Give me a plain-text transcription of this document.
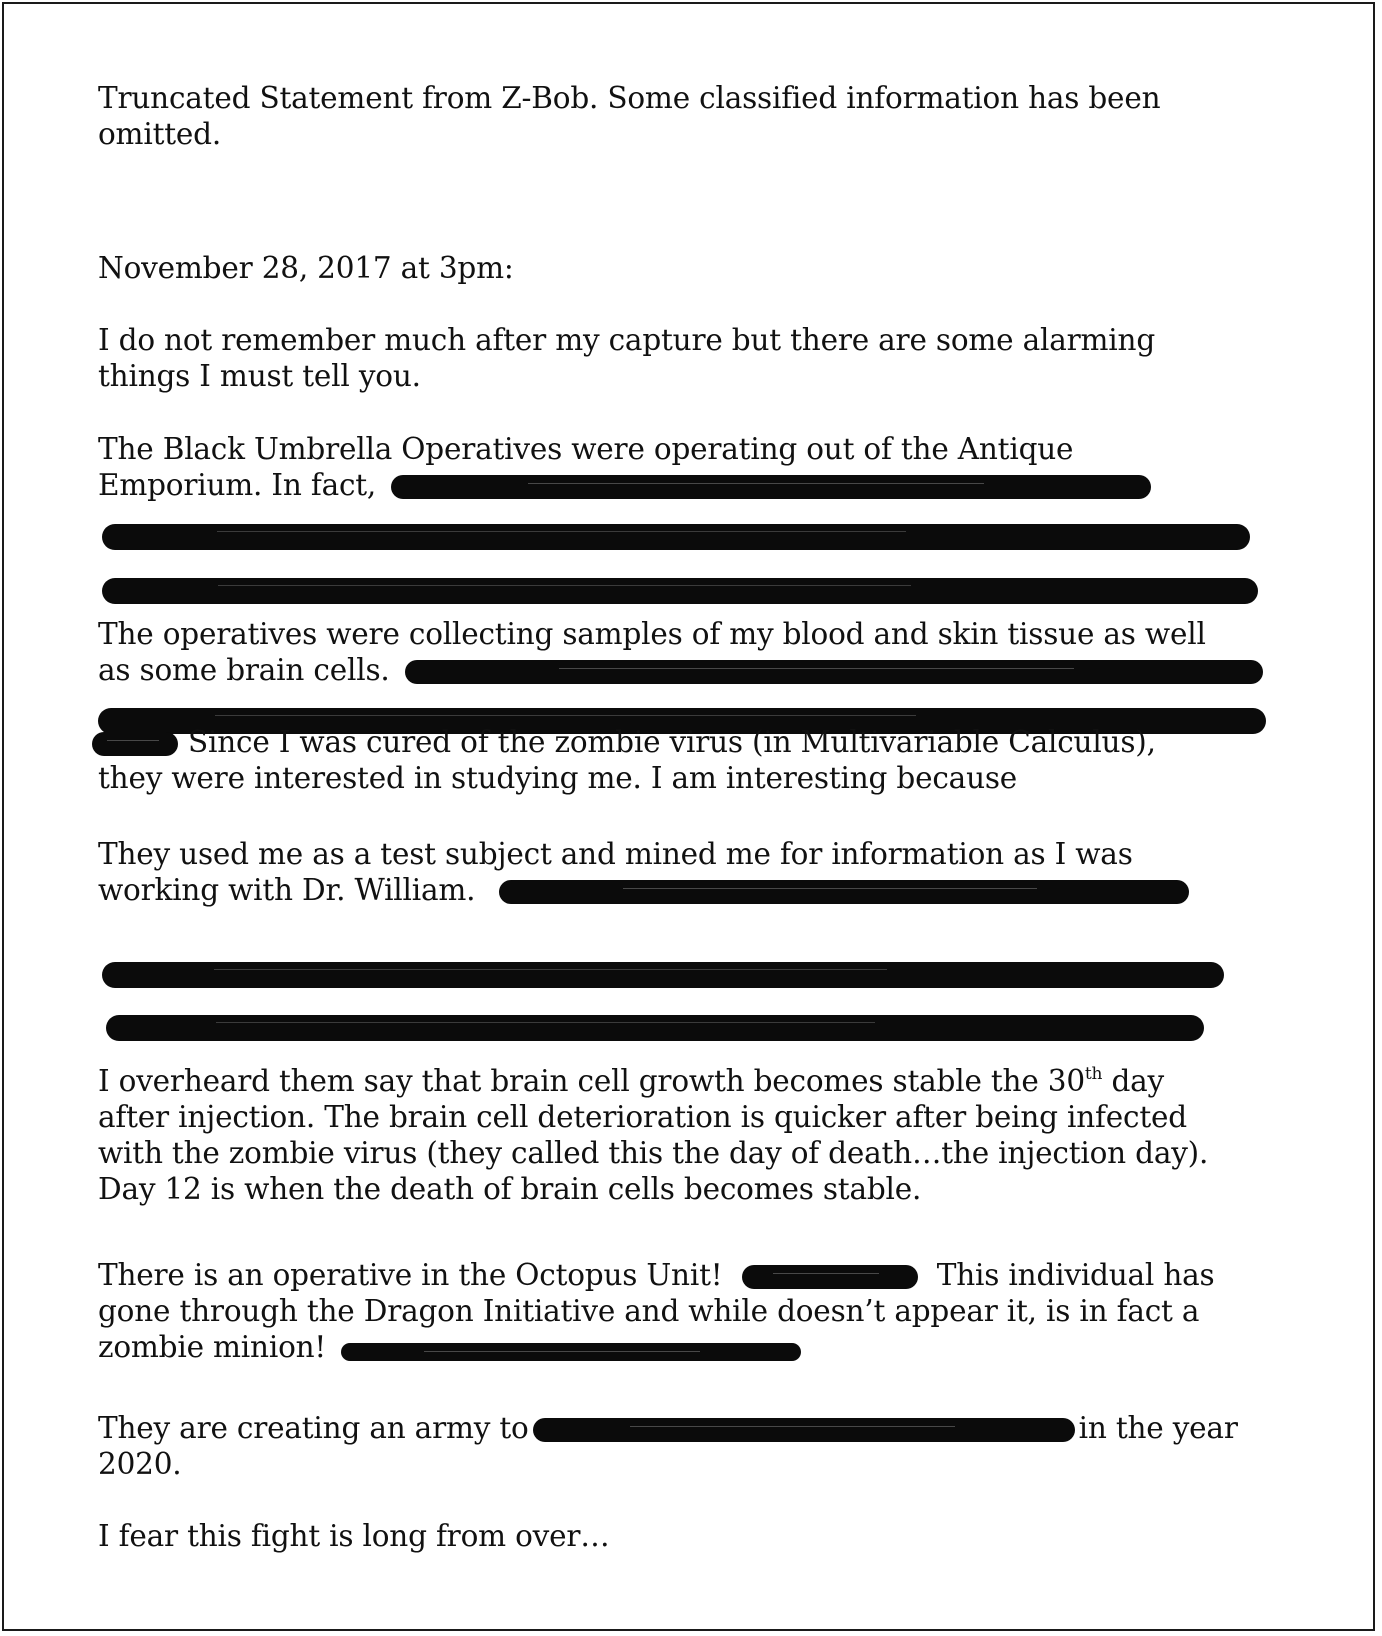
Truncated Statement from Z-Bob. Some classified information has been
omitted.
November 28, 2017 at 3pm:
I do not remember much after my capture but there are some alarming
things I must tell you.
The Black Umbrella Operatives were operating out of the Antique
Emporium. In fact,
The operatives were collecting samples of my blood and skin tissue as well
as some brain cells.
Since I was cured of the zombie virus (in Multivariable Calculus),
they were interested in studying me. I am interesting because
They used me as a test subject and mined me for information as I was
working with Dr. William.
I overheard them say that brain cell growth becomes stable the 30th day
after injection. The brain cell deterioration is quicker after being infected
with the zombie virus (they called this the day of death…the injection day).
Day 12 is when the death of brain cells becomes stable.
There is an operative in the Octopus Unit!	This individual has
gone through the Dragon Initiative and while doesn’t appear it, is in fact a
zombie minion!
They are creating an army to	in the year
2020.
I fear this fight is long from over…
